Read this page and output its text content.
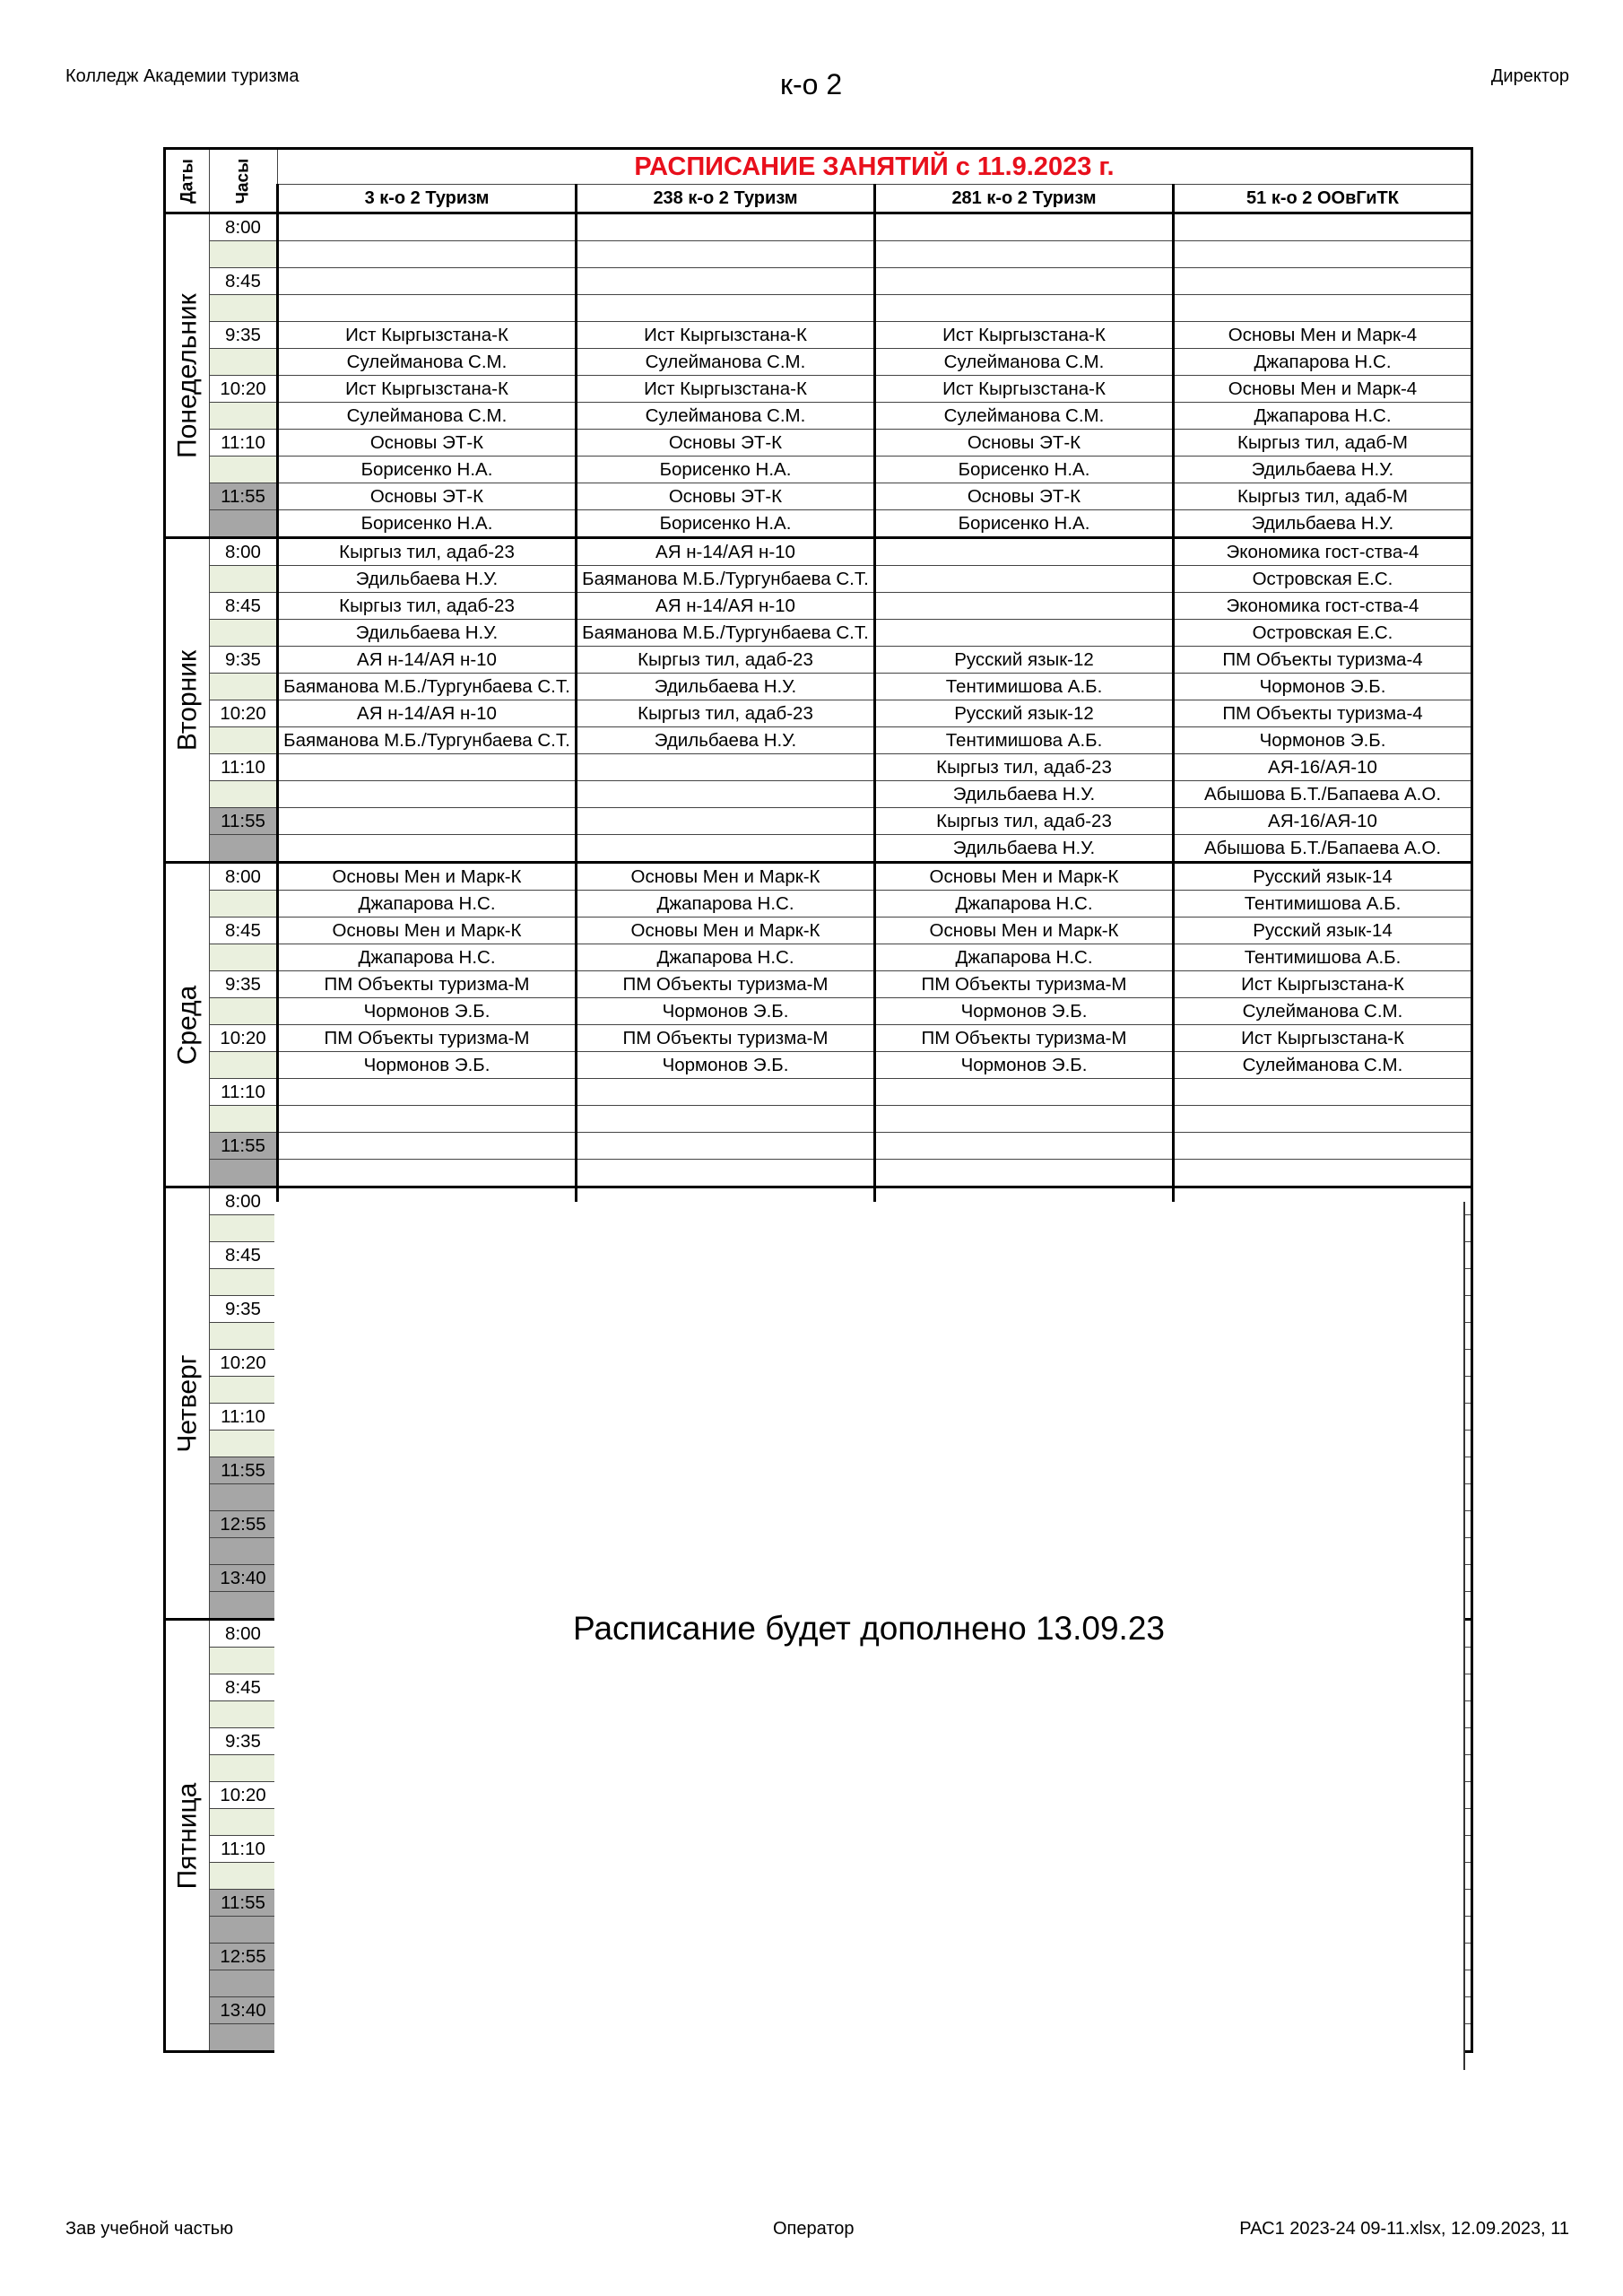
Колледж Академии туризма	к-о 2	Директор
Даты	Часы	РАСПИСАНИЕ ЗАНЯТИЙ с 11.9.2023 г.			
		3 к-о 2 Туризм	238 к-о 2 Туризм	281 к-о 2 Туризм	51 к-о 2 ООвГиТК

Понедельник	8:00				

	8:45				

	9:35	Ист Кыргызстана-К	Ист Кыргызстана-К	Ист Кыргызстана-К	Основы Мен и Марк-4
		Сулейманова С.М.	Сулейманова С.М.	Сулейманова С.М.	Джапарова Н.С.
	10:20	Ист Кыргызстана-К	Ист Кыргызстана-К	Ист Кыргызстана-К	Основы Мен и Марк-4
		Сулейманова С.М.	Сулейманова С.М.	Сулейманова С.М.	Джапарова Н.С.
	11:10	Основы ЭТ-К	Основы ЭТ-К	Основы ЭТ-К	Кыргыз тил, адаб-М
		Борисенко Н.А.	Борисенко Н.А.	Борисенко Н.А.	Эдильбаева Н.У.
	11:55	Основы ЭТ-К	Основы ЭТ-К	Основы ЭТ-К	Кыргыз тил, адаб-М
		Борисенко Н.А.	Борисенко Н.А.	Борисенко Н.А.	Эдильбаева Н.У.

Вторник	8:00	Кыргыз тил, адаб-23	АЯ н-14/АЯ н-10		Экономика гост-ства-4
		Эдильбаева Н.У.	Баяманова М.Б./Тургунбаева С.Т.		Островская Е.С.
	8:45	Кыргыз тил, адаб-23	АЯ н-14/АЯ н-10		Экономика гост-ства-4
		Эдильбаева Н.У.	Баяманова М.Б./Тургунбаева С.Т.		Островская Е.С.
	9:35	АЯ н-14/АЯ н-10	Кыргыз тил, адаб-23	Русский язык-12	ПМ Объекты туризма-4
		Баяманова М.Б./Тургунбаева С.Т.	Эдильбаева Н.У.	Тентимишова А.Б.	Чормонов Э.Б.
	10:20	АЯ н-14/АЯ н-10	Кыргыз тил, адаб-23	Русский язык-12	ПМ Объекты туризма-4
		Баяманова М.Б./Тургунбаева С.Т.	Эдильбаева Н.У.	Тентимишова А.Б.	Чормонов Э.Б.
	11:10			Кыргыз тил, адаб-23	АЯ-16/АЯ-10
				Эдильбаева Н.У.	Абышова Б.Т./Бапаева А.О.
	11:55			Кыргыз тил, адаб-23	АЯ-16/АЯ-10
				Эдильбаева Н.У.	Абышова Б.Т./Бапаева А.О.

Среда	8:00	Основы Мен и Марк-К	Основы Мен и Марк-К	Основы Мен и Марк-К	Русский язык-14
		Джапарова Н.С.	Джапарова Н.С.	Джапарова Н.С.	Тентимишова А.Б.
	8:45	Основы Мен и Марк-К	Основы Мен и Марк-К	Основы Мен и Марк-К	Русский язык-14
		Джапарова Н.С.	Джапарова Н.С.	Джапарова Н.С.	Тентимишова А.Б.
	9:35	ПМ Объекты туризма-М	ПМ Объекты туризма-М	ПМ Объекты туризма-М	Ист Кыргызстана-К
		Чормонов Э.Б.	Чормонов Э.Б.	Чормонов Э.Б.	Сулейманова С.М.
	10:20	ПМ Объекты туризма-М	ПМ Объекты туризма-М	ПМ Объекты туризма-М	Ист Кыргызстана-К
		Чормонов Э.Б.	Чормонов Э.Б.	Чормонов Э.Б.	Сулейманова С.М.
	11:10				

	11:55				

Четверг	8:00				

	8:45				

	9:35				

	10:20				

	11:10				

	11:55				

	12:55				

	13:40				

Пятница	8:00				

	8:45				

	9:35				

	10:20				

	11:10				

	11:55				

	12:55				

	13:40				

Расписание будет дополнено 13.09.23
Зав учебной частью	Оператор	РАС1 2023-24 09-11.xlsx, 12.09.2023, 11
